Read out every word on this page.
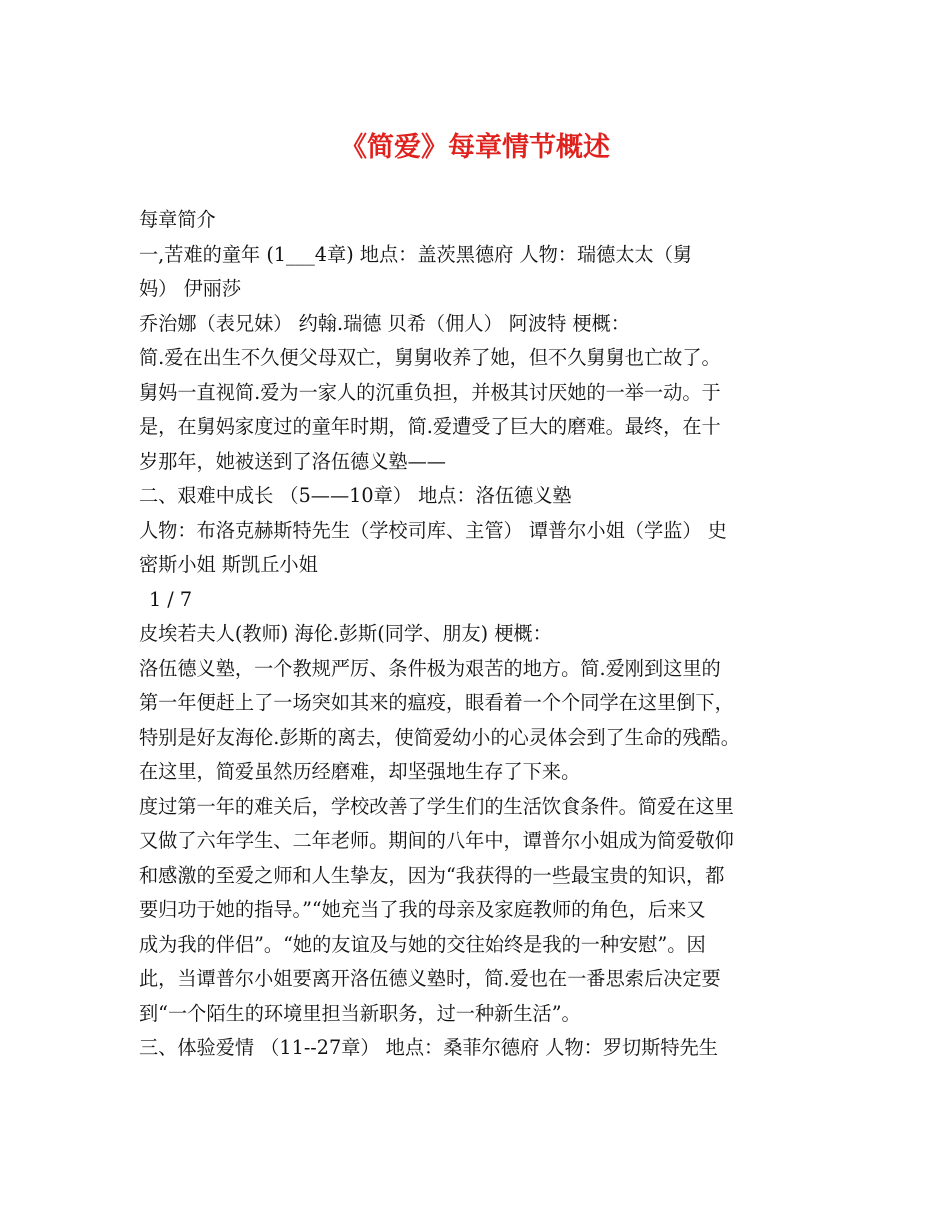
《简爱》每章情节概述

每章简介

一,苦难的童年 (1___4章) 地点：盖茨黑德府 人物：瑞德太太（舅

妈） 伊丽莎

乔治娜（表兄妹） 约翰.瑞德 贝希（佣人） 阿波特 梗概：

简.爱在出生不久便父母双亡，舅舅收养了她，但不久舅舅也亡故了。

舅妈一直视简.爱为一家人的沉重负担，并极其讨厌她的一举一动。于

是，在舅妈家度过的童年时期，简.爱遭受了巨大的磨难。最终，在十

岁那年，她被送到了洛伍德义塾——

二、艰难中成长 （5——10章） 地点：洛伍德义塾

人物：布洛克赫斯特先生（学校司库、主管） 谭普尔小姐（学监） 史

密斯小姐 斯凯丘小姐

1 / 7

皮埃若夫人(教师) 海伦.彭斯(同学、朋友) 梗概：

洛伍德义塾，一个教规严厉、条件极为艰苦的地方。简.爱刚到这里的

第一年便赶上了一场突如其来的瘟疫，眼看着一个个同学在这里倒下，

特别是好友海伦.彭斯的离去，使简爱幼小的心灵体会到了生命的残酷。

在这里，简爱虽然历经磨难，却坚强地生存了下来。

度过第一年的难关后，学校改善了学生们的生活饮食条件。简爱在这里

又做了六年学生、二年老师。期间的八年中，谭普尔小姐成为简爱敬仰

和感激的至爱之师和人生挚友，因为“我获得的一些最宝贵的知识，都

要归功于她的指导。”“她充当了我的母亲及家庭教师的角色，后来又

成为我的伴侣”。“她的友谊及与她的交往始终是我的一种安慰”。因

此，当谭普尔小姐要离开洛伍德义塾时，简.爱也在一番思索后决定要

到“一个陌生的环境里担当新职务，过一种新生活”。

三、体验爱情 （11--27章） 地点：桑菲尔德府 人物：罗切斯特先生
